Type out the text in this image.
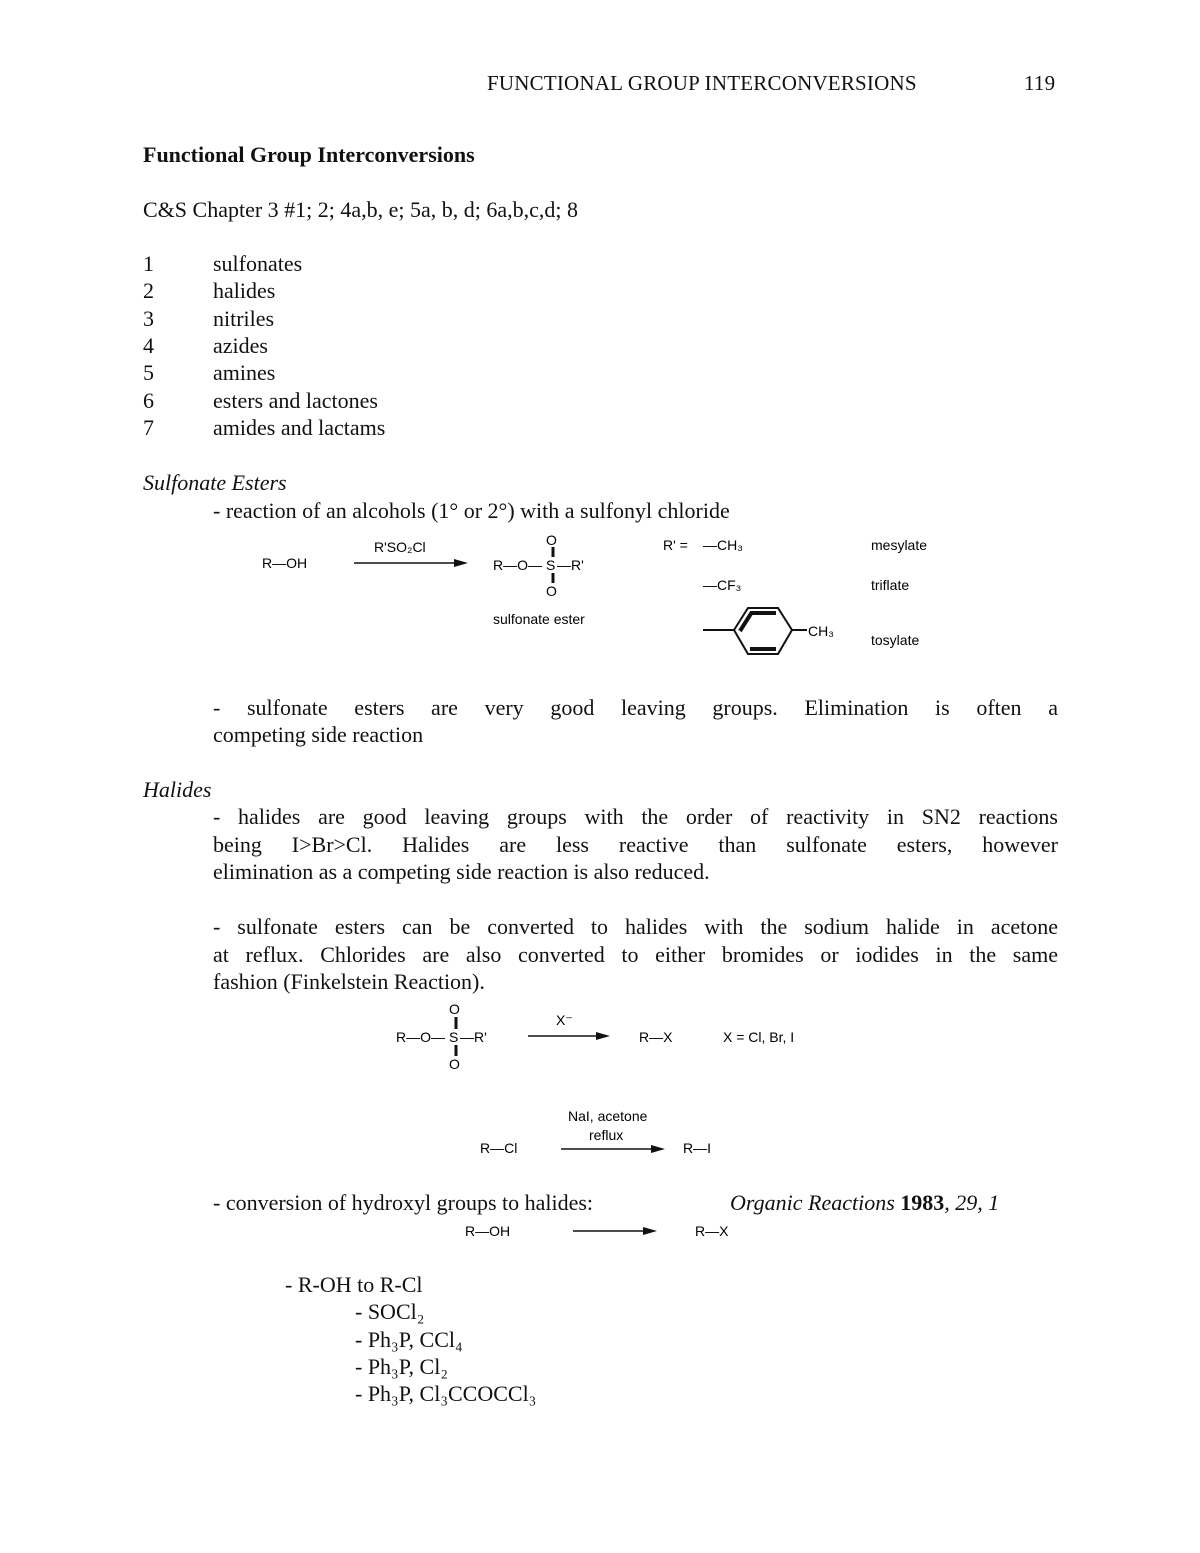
FUNCTIONAL GROUP INTERCONVERSIONS	119
Functional Group Interconversions
C&S Chapter 3 #1; 2; 4a,b, e; 5a, b, d; 6a,b,c,d; 8
1	sulfonates
2	halides
3	nitriles
4	azides
5	amines
6	esters and lactones
7	amides and lactams
Sulfonate Esters
- reaction of an alcohols (1° or 2°) with a sulfonyl chloride
R—OH
R'SO₂Cl
R—O— S
O
O
—R'
sulfonate ester
R' = —CH₃	mesylate
—CF₃	triflate
CH₃
tosylate
- sulfonate esters are very good leaving groups. Elimination is often a
competing side reaction
Halides
- halides are good leaving groups with the order of reactivity in SN2 reactions
being I>Br>Cl. Halides are less reactive than sulfonate esters, however
elimination as a competing side reaction is also reduced.
- sulfonate esters can be converted to halides with the sodium halide in acetone
at reflux. Chlorides are also converted to either bromides or iodides in the same
fashion (Finkelstein Reaction).
R—O— S
O
O
—R'
X⁻
R—X	X = Cl, Br, I
R—Cl
NaI, acetone
reflux
R—I
- conversion of hydroxyl groups to halides:	Organic Reactions 1983, 29, 1
R—OH	R—X
- R-OH to R-Cl
- SOCl₂
- Ph₃P, CCl₄
- Ph₃P, Cl₂
- Ph₃P, Cl₃CCOCCl₃
